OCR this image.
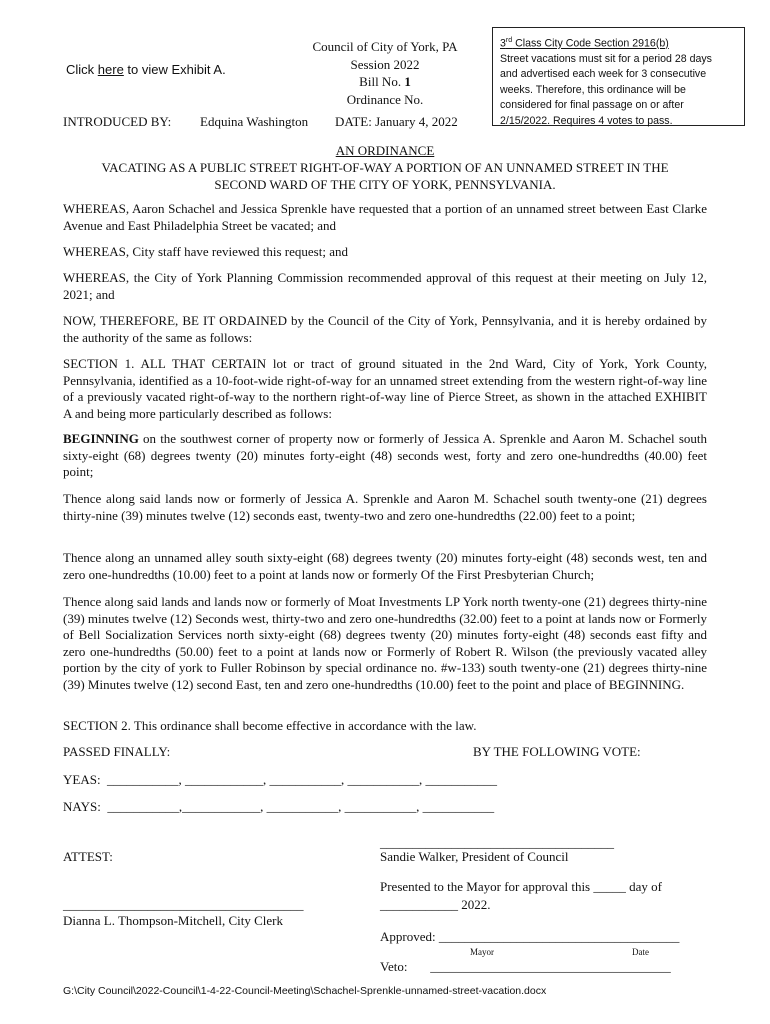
Click here to view Exhibit A.
Council of City of York, PA
Session 2022
Bill No. 1
Ordinance No.
3rd Class City Code Section 2916(b)
Street vacations must sit for a period 28 days
and advertised each week for 3 consecutive
weeks. Therefore, this ordinance will be
considered for final passage on or after
2/15/2022. Requires 4 votes to pass.
INTRODUCED BY: Edquina Washington DATE: January 4, 2022
AN ORDINANCE
VACATING AS A PUBLIC STREET RIGHT-OF-WAY A PORTION OF AN UNNAMED STREET IN THE
SECOND WARD OF THE CITY OF YORK, PENNSYLVANIA.
WHEREAS, Aaron Schachel and Jessica Sprenkle have requested that a portion of an unnamed street between East Clarke Avenue and East Philadelphia Street be vacated; and
WHEREAS, City staff have reviewed this request; and
WHEREAS, the City of York Planning Commission recommended approval of this request at their meeting on July 12, 2021; and
NOW, THEREFORE, BE IT ORDAINED by the Council of the City of York, Pennsylvania, and it is hereby ordained by the authority of the same as follows:
SECTION 1. ALL THAT CERTAIN lot or tract of ground situated in the 2nd Ward, City of York, York County, Pennsylvania, identified as a 10-foot-wide right-of-way for an unnamed street extending from the western right-of-way line of a previously vacated right-of-way to the northern right-of-way line of Pierce Street, as shown in the attached EXHIBIT A and being more particularly described as follows:
BEGINNING on the southwest corner of property now or formerly of Jessica A. Sprenkle and Aaron M. Schachel south sixty-eight (68) degrees twenty (20) minutes forty-eight (48) seconds west, forty and zero one-hundredths (40.00) feet point;
Thence along said lands now or formerly of Jessica A. Sprenkle and Aaron M. Schachel south twenty-one (21) degrees thirty-nine (39) minutes twelve (12) seconds east, twenty-two and zero one-hundredths (22.00) feet to a point;
Thence along an unnamed alley south sixty-eight (68) degrees twenty (20) minutes forty-eight (48) seconds west, ten and zero one-hundredths (10.00) feet to a point at lands now or formerly Of the First Presbyterian Church;
Thence along said lands and lands now or formerly of Moat Investments LP York north twenty-one (21) degrees thirty-nine (39) minutes twelve (12) Seconds west, thirty-two and zero one-hundredths (32.00) feet to a point at lands now or Formerly of Bell Socialization Services north sixty-eight (68) degrees twenty (20) minutes forty-eight (48) seconds east fifty and zero one-hundredths (50.00) feet to a point at lands now or Formerly of Robert R. Wilson (the previously vacated alley portion by the city of york to Fuller Robinson by special ordinance no. #w-133) south twenty-one (21) degrees thirty-nine (39) Minutes twelve (12) second East, ten and zero one-hundredths (10.00) feet to the point and place of BEGINNING.
SECTION 2. This ordinance shall become effective in accordance with the law.
PASSED FINALLY:	BY THE FOLLOWING VOTE:
YEAS:  ___________, ____________, ___________, ___________, ___________
NAYS:  ___________,____________, ___________, ___________, ___________
____________________________________
ATTEST:	Sandie Walker, President of Council
Presented to the Mayor for approval this _____ day of
____________ 2022.
_____________________________________
Dianna L. Thompson-Mitchell, City Clerk
Approved: _____________________________________
Mayor	Date
Veto:       _____________________________________
G:\City Council\2022-Council\1-4-22-Council-Meeting\Schachel-Sprenkle-unnamed-street-vacation.docx
